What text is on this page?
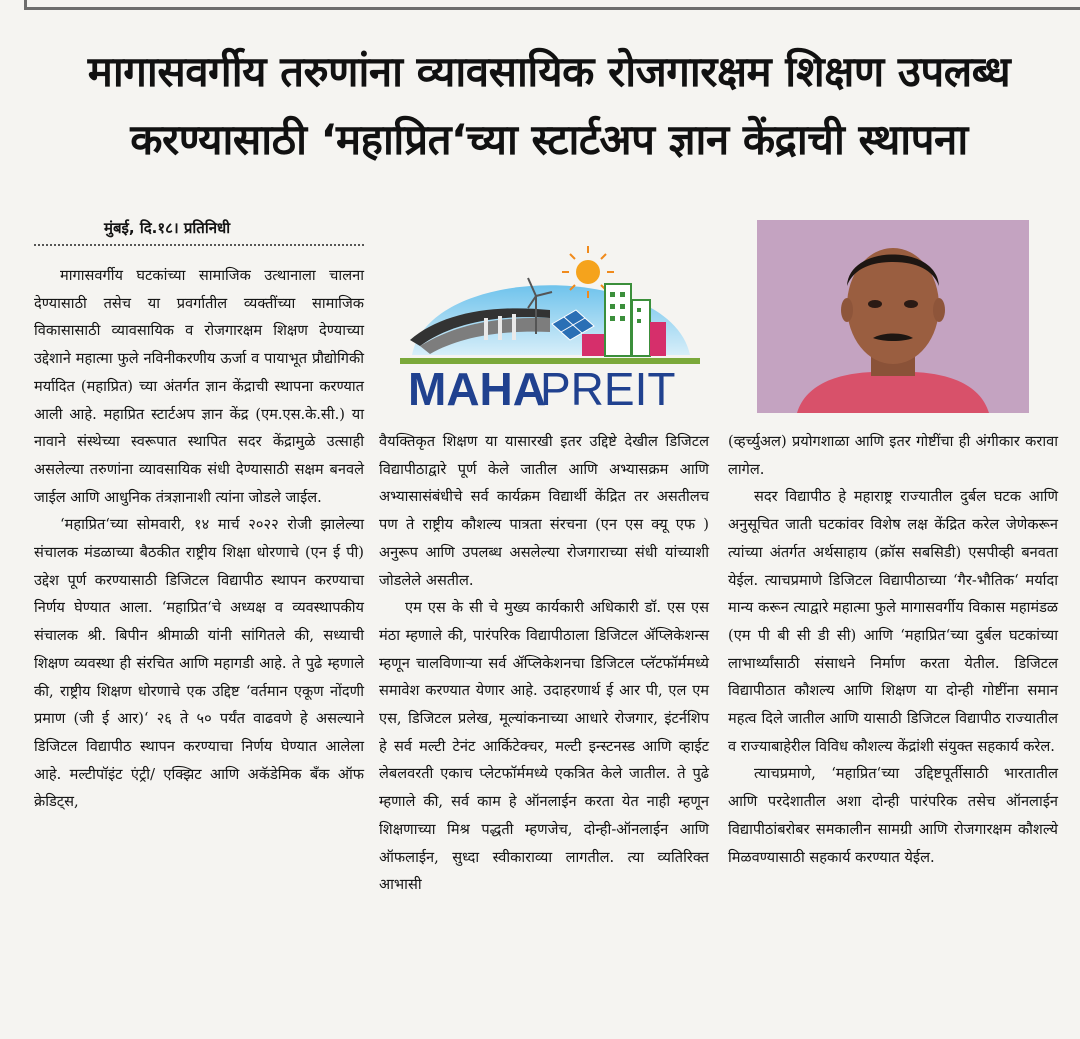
मागासवर्गीय तरुणांना व्यावसायिक रोजगारक्षम शिक्षण उपलब्ध
करण्यासाठी ‘महाप्रित‘च्या स्टार्टअप ज्ञान केंद्राची स्थापना
मुंबई, दि.१८। प्रतिनिधी
MAHA
PREIT

मागासवर्गीय घटकांच्या सामाजिक उत्थानाला चालना देण्यासाठी तसेच या प्रवर्गातील व्यक्तींच्या सामाजिक विकासासाठी व्यावसायिक व रोजगारक्षम शिक्षण देण्याच्या उद्देशाने महात्मा फुले नविनीकरणीय ऊर्जा व पायाभूत प्रौद्योगिकी मर्यादित (महाप्रित) च्या अंतर्गत ज्ञान केंद्राची स्थापना करण्यात आली आहे. महाप्रित स्टार्टअप ज्ञान केंद्र (एम.एस.के.सी.) या नावाने संस्थेच्या स्वरूपात स्थापित सदर केंद्रामुळे उत्साही असलेल्या तरुणांना व्यावसायिक संधी देण्यासाठी सक्षम बनवले जाईल आणि आधुनिक तंत्रज्ञानाशी त्यांना जोडले जाईल.

‘महाप्रित‘च्या सोमवारी, १४ मार्च २०२२ रोजी झालेल्या संचालक मंडळाच्या बैठकीत राष्ट्रीय शिक्षा धोरणाचे (एन ई पी) उद्देश पूर्ण करण्यासाठी डिजिटल विद्यापीठ स्थापन करण्याचा निर्णय घेण्यात आला. ‘महाप्रित‘चे अध्यक्ष व व्यवस्थापकीय संचालक श्री. बिपीन श्रीमाळी यांनी सांगितले की, सध्याची शिक्षण व्यवस्था ही संरचित आणि महागडी आहे. ते पुढे म्हणाले की, राष्ट्रीय शिक्षण धोरणाचे एक उद्दिष्ट ‘वर्तमान एकूण नोंदणी प्रमाण (जी ई आर)‘ २६ ते ५० पर्यंत वाढवणे हे असल्याने डिजिटल विद्यापीठ स्थापन करण्याचा निर्णय घेण्यात आलेला आहे. मल्टीपॉइंट एंट्री/ एक्झिट आणि अकॅडेमिक बँक ऑफ क्रेडिट्स,

वैयक्तिकृत शिक्षण या यासारखी इतर उद्दिष्टे देखील डिजिटल विद्यापीठाद्वारे पूर्ण केले जातील आणि अभ्यासक्रम आणि अभ्यासासंबंधीचे सर्व कार्यक्रम विद्यार्थी केंद्रित तर असतीलच पण ते राष्ट्रीय कौशल्य पात्रता संरचना (एन एस क्यू एफ ) अनुरूप आणि उपलब्ध असलेल्या रोजगाराच्या संधी यांच्याशी जोडलेले असतील.

एम एस के सी चे मुख्य कार्यकारी अधिकारी डॉ. एस एस मंठा म्हणाले की, पारंपरिक विद्यापीठाला डिजिटल ॲप्लिकेशन्स म्हणून चालविणाऱ्या सर्व ॲप्लिकेशनचा डिजिटल प्लॅटफॉर्ममध्ये समावेश करण्यात येणार आहे. उदाहरणार्थ ई आर पी, एल एम एस, डिजिटल प्रलेख, मूल्यांकनाच्या आधारे रोजगार, इंटर्नशिप हे सर्व मल्टी टेनंट आर्किटेक्चर, मल्टी इन्स्टनस्ड आणि व्हाईट लेबलवरती एकाच प्लेटफॉर्ममध्ये एकत्रित केले जातील. ते पुढे म्हणाले की, सर्व काम हे ऑनलाईन करता येत नाही म्हणून शिक्षणाच्या मिश्र पद्धती म्हणजेच, दोन्ही-ऑनलाईन आणि ऑफलाईन, सुध्दा स्वीकाराव्या लागतील. त्या व्यतिरिक्त आभासी

(व्हर्च्युअल) प्रयोगशाळा आणि इतर गोष्टींचा ही अंगीकार करावा लागेल.

सदर विद्यापीठ हे महाराष्ट्र राज्यातील दुर्बल घटक आणि अनुसूचित जाती घटकांवर विशेष लक्ष केंद्रित करेल जेणेकरून त्यांच्या अंतर्गत अर्थसाहाय (क्रॉस सबसिडी) एसपीव्ही बनवता येईल. त्याचप्रमाणे डिजिटल विद्यापीठाच्या ‘गैर-भौतिक‘ मर्यादा मान्य करून त्याद्वारे महात्मा फुले मागासवर्गीय विकास महामंडळ (एम पी बी सी डी सी) आणि ‘महाप्रित‘च्या दुर्बल घटकांच्या लाभार्थ्यांसाठी संसाधने निर्माण करता येतील. डिजिटल विद्यापीठात कौशल्य आणि शिक्षण या दोन्ही गोष्टींना समान महत्व दिले जातील आणि यासाठी डिजिटल विद्यापीठ राज्यातील व राज्याबाहेरील विविध कौशल्य केंद्रांशी संयुक्त सहकार्य करेल.

त्याचप्रमाणे, ‘महाप्रित‘च्या उद्दिष्टपूर्तीसाठी भारतातील आणि परदेशातील अशा दोन्ही पारंपरिक तसेच ऑनलाईन विद्यापीठांबरोबर समकालीन सामग्री आणि रोजगारक्षम कौशल्ये मिळवण्यासाठी सहकार्य करण्यात येईल.
